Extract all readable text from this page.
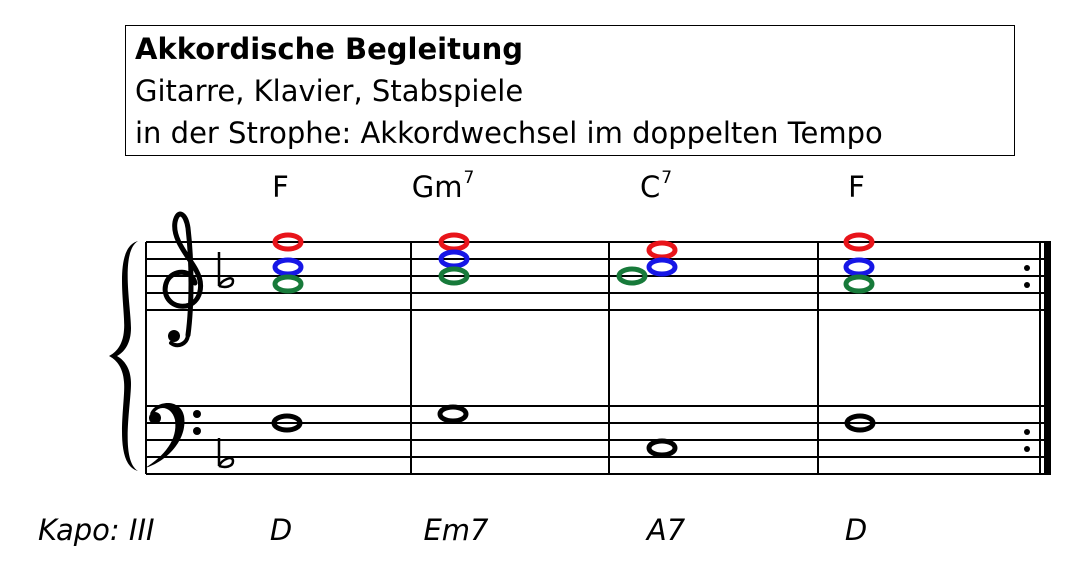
Akkordische Begleitung
Gitarre, Klavier, Stabspiele
in der Strophe: Akkordwechsel im doppelten Tempo
F	Gm$^7$	$C^7$	F
Kapo: III	D	Em7	A7	D
